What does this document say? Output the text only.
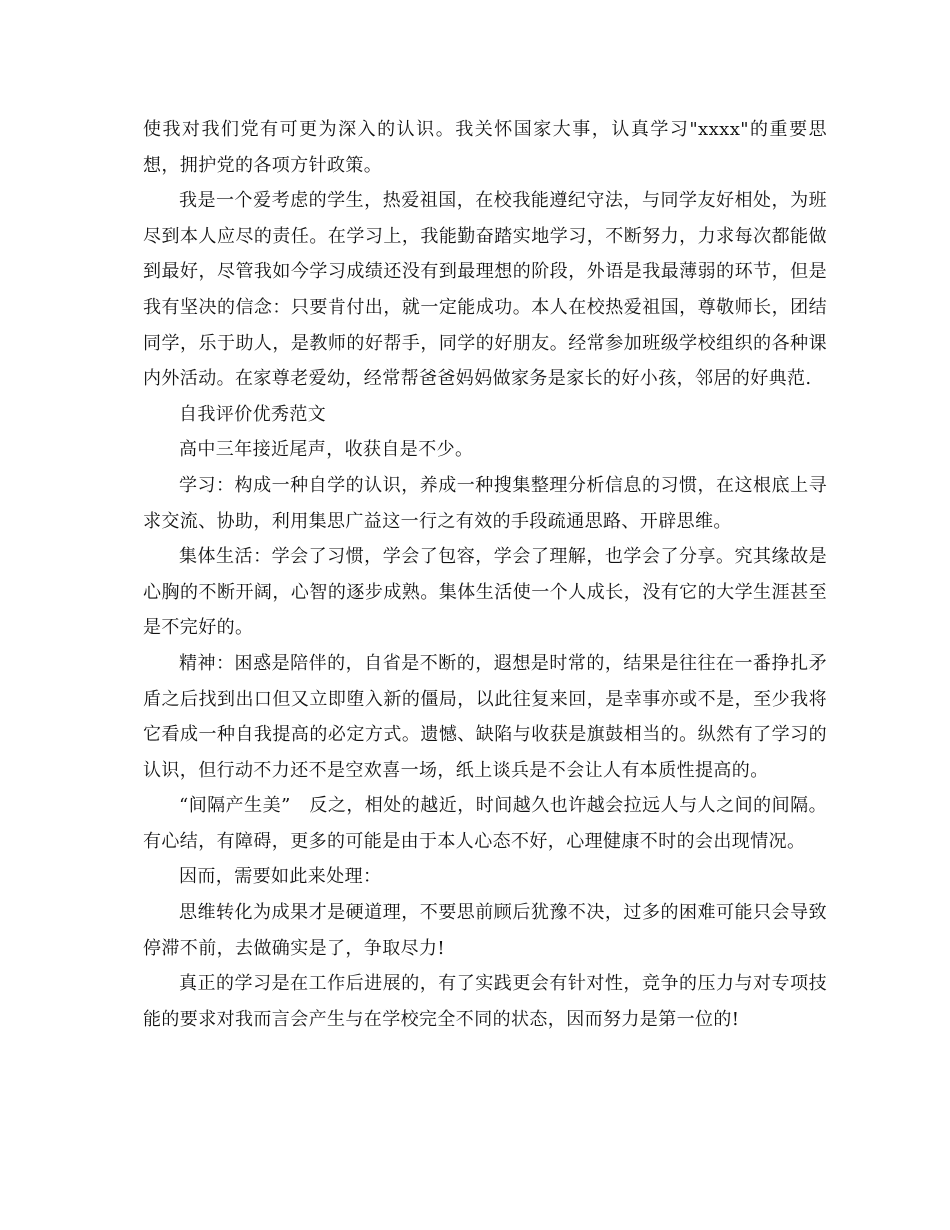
使我对我们党有可更为深入的认识。我关怀国家大事，认真学习"xxxx"的重要思想，拥护党的各项方针政策。

我是一个爱考虑的学生，热爱祖国，在校我能遵纪守法，与同学友好相处，为班尽到本人应尽的责任。在学习上，我能勤奋踏实地学习，不断努力，力求每次都能做到最好，尽管我如今学习成绩还没有到最理想的阶段，外语是我最薄弱的环节，但是我有坚决的信念：只要肯付出，就一定能成功。本人在校热爱祖国，尊敬师长，团结同学，乐于助人，是教师的好帮手，同学的好朋友。经常参加班级学校组织的各种课内外活动。在家尊老爱幼，经常帮爸爸妈妈做家务是家长的好小孩，邻居的好典范.

自我评价优秀范文

高中三年接近尾声，收获自是不少。

学习：构成一种自学的认识，养成一种搜集整理分析信息的习惯，在这根底上寻求交流、协助，利用集思广益这一行之有效的手段疏通思路、开辟思维。

集体生活：学会了习惯，学会了包容，学会了理解，也学会了分享。究其缘故是心胸的不断开阔，心智的逐步成熟。集体生活使一个人成长，没有它的大学生涯甚至是不完好的。

精神：困惑是陪伴的，自省是不断的，遐想是时常的，结果是往往在一番挣扎矛盾之后找到出口但又立即堕入新的僵局，以此往复来回，是幸事亦或不是，至少我将它看成一种自我提高的必定方式。遗憾、缺陷与收获是旗鼓相当的。纵然有了学习的认识，但行动不力还不是空欢喜一场，纸上谈兵是不会让人有本质性提高的。

“间隔产生美”　反之，相处的越近，时间越久也许越会拉远人与人之间的间隔。有心结，有障碍，更多的可能是由于本人心态不好，心理健康不时的会出现情况。

因而，需要如此来处理：

思维转化为成果才是硬道理，不要思前顾后犹豫不决，过多的困难可能只会导致停滞不前，去做确实是了，争取尽力!

真正的学习是在工作后进展的，有了实践更会有针对性，竞争的压力与对专项技能的要求对我而言会产生与在学校完全不同的状态，因而努力是第一位的!
